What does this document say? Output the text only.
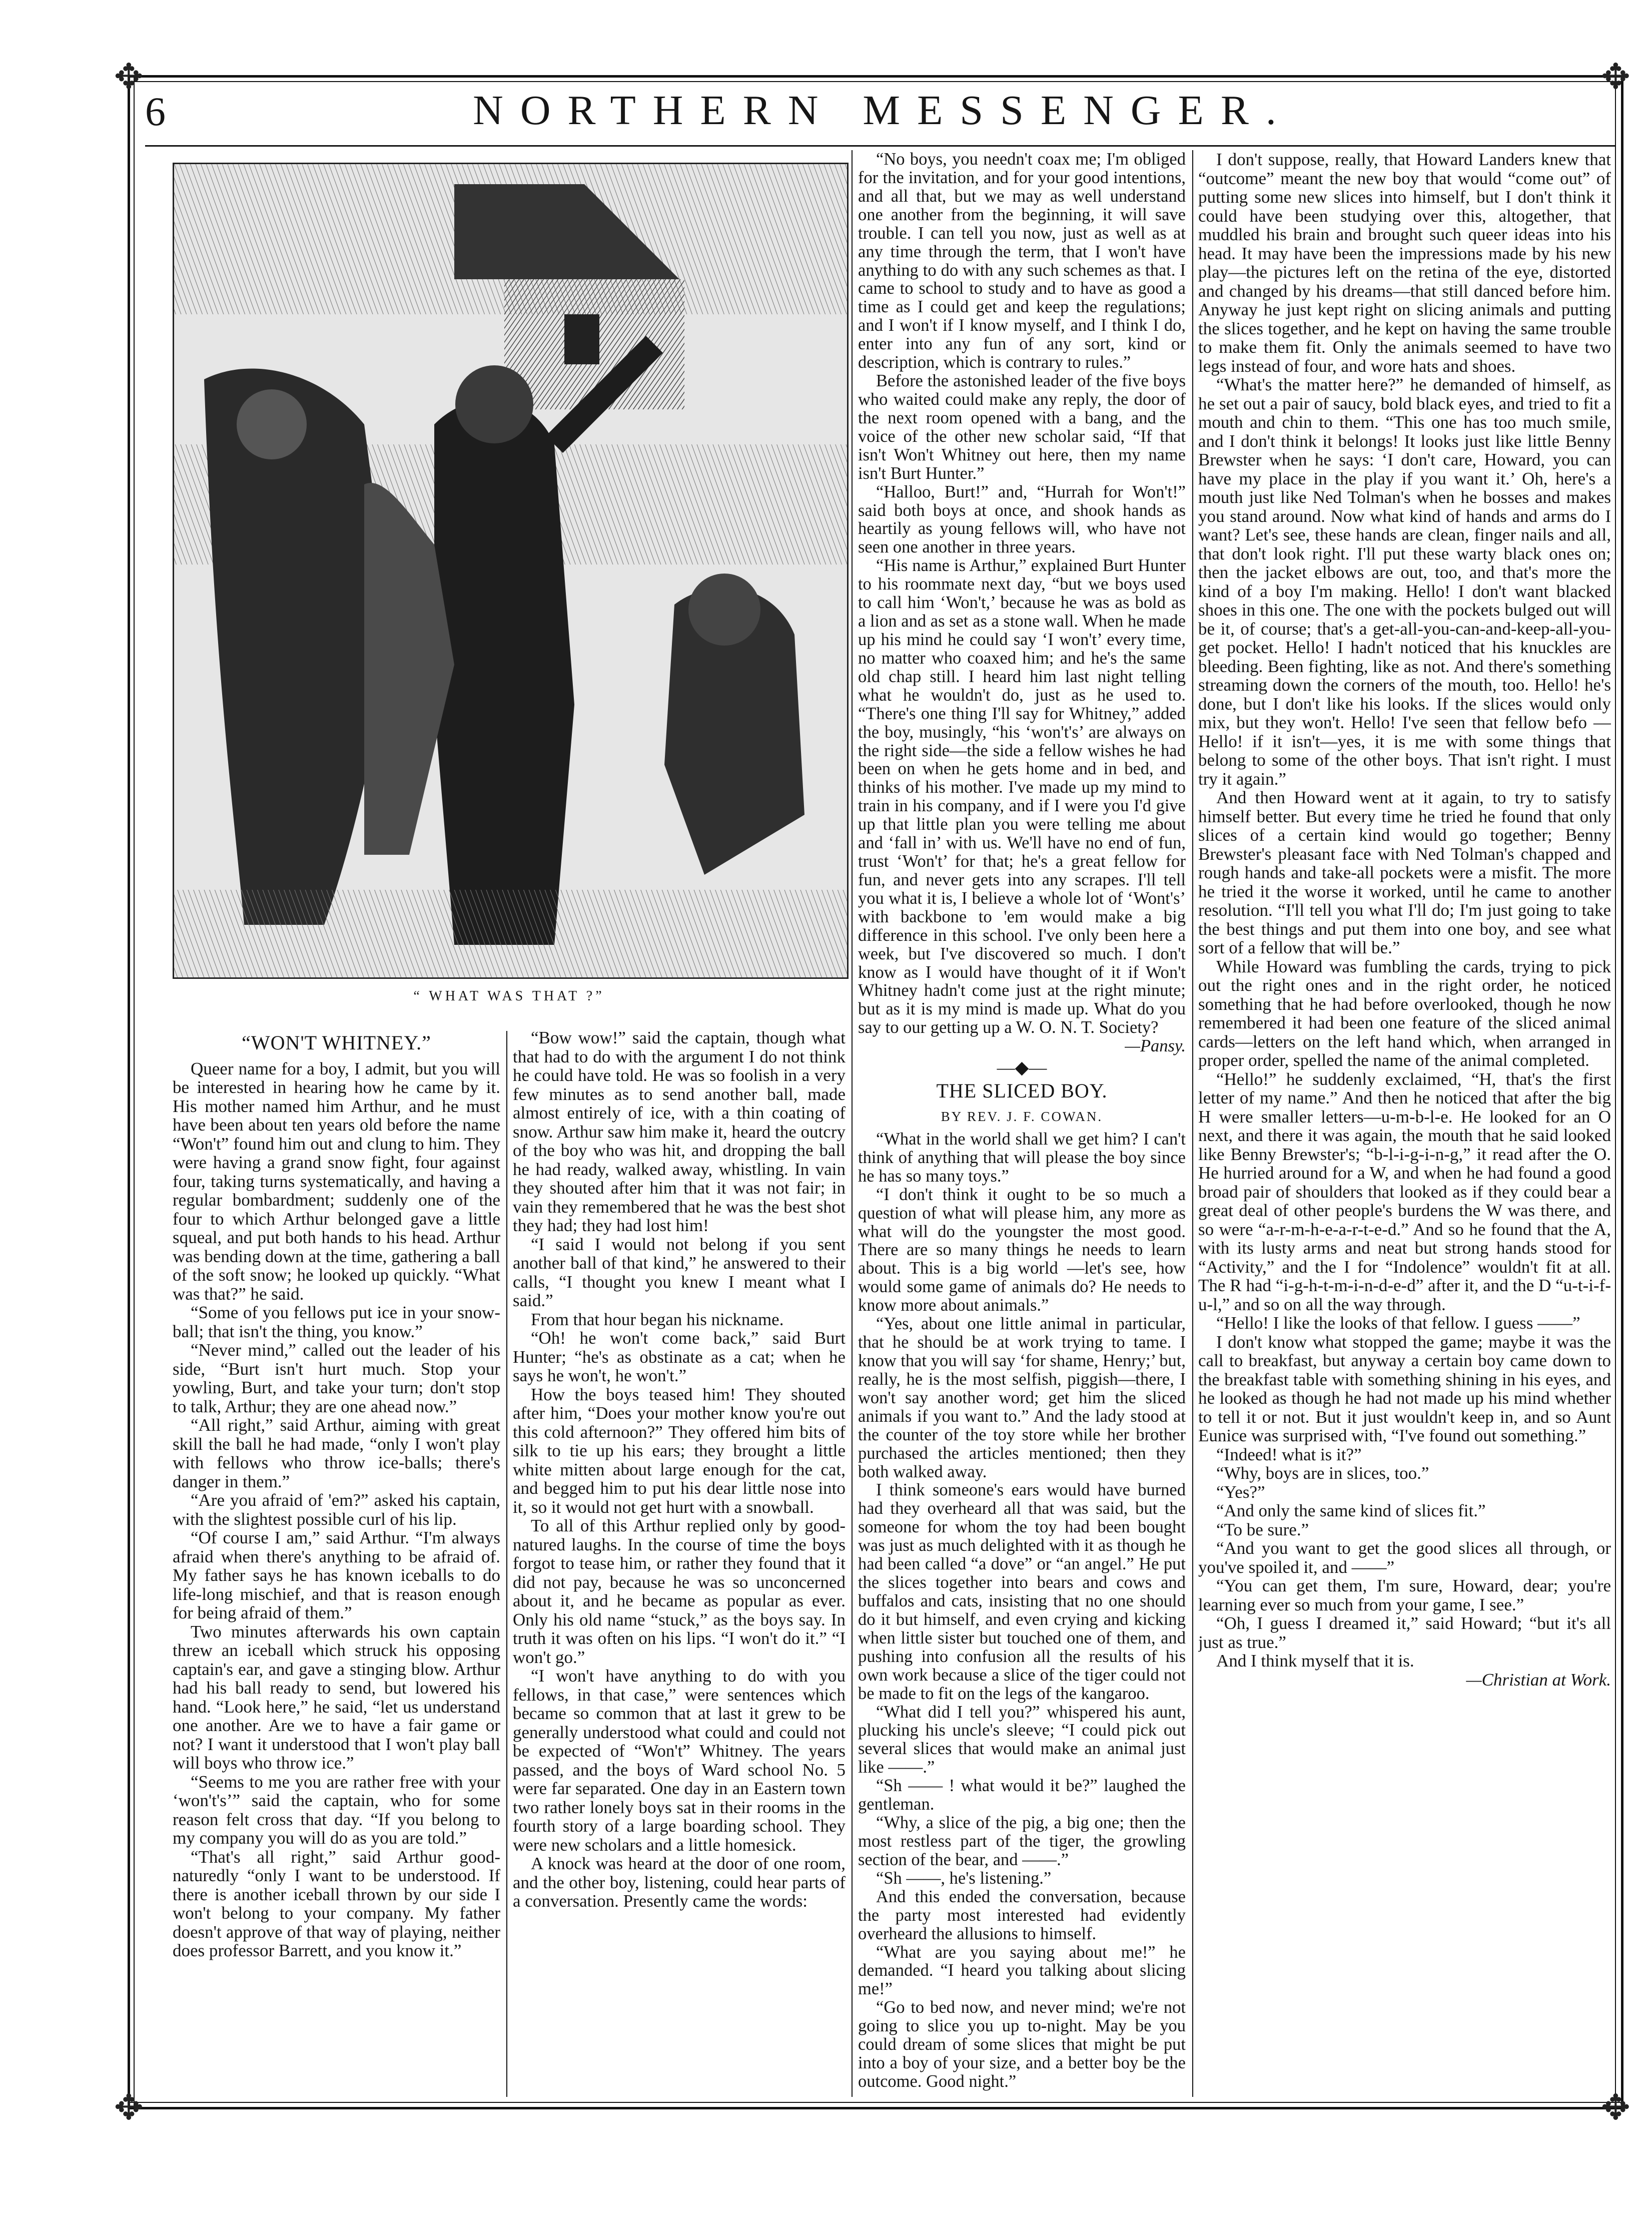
✥	✥
✥	✥
6	NORTHERN MESSENGER.
“ WHAT WAS THAT ?”

“WON'T WHITNEY.”

Queer name for a boy, I admit, but you will be interested in hearing how he came by it. His mother named him Arthur, and he must have been about ten years old before the name “Won't” found him out and clung to him. They were having a grand snow fight, four against four, taking turns systematically, and having a regular bombardment; suddenly one of the four to which Arthur belonged gave a little squeal, and put both hands to his head. Arthur was bending down at the time, gathering a ball of the soft snow; he looked up quickly. “What was that?” he said.

“Some of you fellows put ice in your snow-ball; that isn't the thing, you know.”

“Never mind,” called out the leader of his side, “Burt isn't hurt much. Stop your yowling, Burt, and take your turn; don't stop to talk, Arthur; they are one ahead now.”

“All right,” said Arthur, aiming with great skill the ball he had made, “only I won't play with fellows who throw ice-balls; there's danger in them.”

“Are you afraid of 'em?” asked his captain, with the slightest possible curl of his lip.

“Of course I am,” said Arthur. “I'm always afraid when there's anything to be afraid of. My father says he has known iceballs to do life-long mischief, and that is reason enough for being afraid of them.”

Two minutes afterwards his own captain threw an iceball which struck his opposing captain's ear, and gave a stinging blow. Arthur had his ball ready to send, but lowered his hand. “Look here,” he said, “let us understand one another. Are we to have a fair game or not? I want it understood that I won't play ball will boys who throw ice.”

“Seems to me you are rather free with your ‘won't's’” said the captain, who for some reason felt cross that day. “If you belong to my company you will do as you are told.”

“That's all right,” said Arthur good-naturedly “only I want to be understood. If there is another iceball thrown by our side I won't belong to your company. My father doesn't approve of that way of playing, neither does professor Barrett, and you know it.”

“Bow wow!” said the captain, though what that had to do with the argument I do not think he could have told. He was so foolish in a very few minutes as to send another ball, made almost entirely of ice, with a thin coating of snow. Arthur saw him make it, heard the outcry of the boy who was hit, and dropping the ball he had ready, walked away, whistling. In vain they shouted after him that it was not fair; in vain they remembered that he was the best shot they had; they had lost him!

“I said I would not belong if you sent another ball of that kind,” he answered to their calls, “I thought you knew I meant what I said.”

From that hour began his nickname.

“Oh! he won't come back,” said Burt Hunter; “he's as obstinate as a cat; when he says he won't, he won't.”

How the boys teased him! They shouted after him, “Does your mother know you're out this cold afternoon?” They offered him bits of silk to tie up his ears; they brought a little white mitten about large enough for the cat, and begged him to put his dear little nose into it, so it would not get hurt with a snowball.

To all of this Arthur replied only by good-natured laughs. In the course of time the boys forgot to tease him, or rather they found that it did not pay, because he was so unconcerned about it, and he became as popular as ever. Only his old name “stuck,” as the boys say. In truth it was often on his lips. “I won't do it.” “I won't go.”

“I won't have anything to do with you fellows, in that case,” were sentences which became so common that at last it grew to be generally understood what could and could not be expected of “Won't” Whitney. The years passed, and the boys of Ward school No. 5 were far separated. One day in an Eastern town two rather lonely boys sat in their rooms in the fourth story of a large boarding school. They were new scholars and a little homesick.

A knock was heard at the door of one room, and the other boy, listening, could hear parts of a conversation. Presently came the words:

“No boys, you needn't coax me; I'm obliged for the invitation, and for your good intentions, and all that, but we may as well understand one another from the beginning, it will save trouble. I can tell you now, just as well as at any time through the term, that I won't have anything to do with any such schemes as that. I came to school to study and to have as good a time as I could get and keep the regulations; and I won't if I know myself, and I think I do, enter into any fun of any sort, kind or description, which is contrary to rules.”

Before the astonished leader of the five boys who waited could make any reply, the door of the next room opened with a bang, and the voice of the other new scholar said, “If that isn't Won't Whitney out here, then my name isn't Burt Hunter.”

“Halloo, Burt!” and, “Hurrah for Won't!” said both boys at once, and shook hands as heartily as young fellows will, who have not seen one another in three years.

“His name is Arthur,” explained Burt Hunter to his roommate next day, “but we boys used to call him ‘Won't,’ because he was as bold as a lion and as set as a stone wall. When he made up his mind he could say ‘I won't’ every time, no matter who coaxed him; and he's the same old chap still. I heard him last night telling what he wouldn't do, just as he used to. “There's one thing I'll say for Whitney,” added the boy, musingly, “his ‘won't's’ are always on the right side—the side a fellow wishes he had been on when he gets home and in bed, and thinks of his mother. I've made up my mind to train in his company, and if I were you I'd give up that little plan you were telling me about and ‘fall in’ with us. We'll have no end of fun, trust ‘Won't’ for that; he's a great fellow for fun, and never gets into any scrapes. I'll tell you what it is, I believe a whole lot of ‘Wont's’ with backbone to 'em would make a big difference in this school. I've only been here a week, but I've discovered so much. I don't know as I would have thought of it if Won't Whitney hadn't come just at the right minute; but as it is my mind is made up. What do you say to our getting up a W. O. N. T. Society?

—Pansy.

—◆—

THE SLICED BOY.

BY REV. J. F. COWAN.

“What in the world shall we get him? I can't think of anything that will please the boy since he has so many toys.”

“I don't think it ought to be so much a question of what will please him, any more as what will do the youngster the most good. There are so many things he needs to learn about. This is a big world —let's see, how would some game of animals do? He needs to know more about animals.”

“Yes, about one little animal in particular, that he should be at work trying to tame. I know that you will say ‘for shame, Henry;’ but, really, he is the most selfish, piggish—there, I won't say another word; get him the sliced animals if you want to.” And the lady stood at the counter of the toy store while her brother purchased the articles mentioned; then they both walked away.

I think someone's ears would have burned had they overheard all that was said, but the someone for whom the toy had been bought was just as much delighted with it as though he had been called “a dove” or “an angel.” He put the slices together into bears and cows and buffalos and cats, insisting that no one should do it but himself, and even crying and kicking when little sister but touched one of them, and pushing into confusion all the results of his own work because a slice of the tiger could not be made to fit on the legs of the kangaroo.

“What did I tell you?” whispered his aunt, plucking his uncle's sleeve; “I could pick out several slices that would make an animal just like ——.”

“Sh —— ! what would it be?” laughed the gentleman.

“Why, a slice of the pig, a big one; then the most restless part of the tiger, the growling section of the bear, and ——.”

“Sh ——, he's listening.”

And this ended the conversation, because the party most interested had evidently overheard the allusions to himself.

“What are you saying about me!” he demanded. “I heard you talking about slicing me!”

“Go to bed now, and never mind; we're not going to slice you up to-night. May be you could dream of some slices that might be put into a boy of your size, and a better boy be the outcome. Good night.”

I don't suppose, really, that Howard Landers knew that “outcome” meant the new boy that would “come out” of putting some new slices into himself, but I don't think it could have been studying over this, altogether, that muddled his brain and brought such queer ideas into his head. It may have been the impressions made by his new play—the pictures left on the retina of the eye, distorted and changed by his dreams—that still danced before him. Anyway he just kept right on slicing animals and putting the slices together, and he kept on having the same trouble to make them fit. Only the animals seemed to have two legs instead of four, and wore hats and shoes.

“What's the matter here?” he demanded of himself, as he set out a pair of saucy, bold black eyes, and tried to fit a mouth and chin to them. “This one has too much smile, and I don't think it belongs! It looks just like little Benny Brewster when he says: ‘I don't care, Howard, you can have my place in the play if you want it.’ Oh, here's a mouth just like Ned Tolman's when he bosses and makes you stand around. Now what kind of hands and arms do I want? Let's see, these hands are clean, finger nails and all, that don't look right. I'll put these warty black ones on; then the jacket elbows are out, too, and that's more the kind of a boy I'm making. Hello! I don't want blacked shoes in this one. The one with the pockets bulged out will be it, of course; that's a get-all-you-can-and-keep-all-you-get pocket. Hello! I hadn't noticed that his knuckles are bleeding. Been fighting, like as not. And there's something streaming down the corners of the mouth, too. Hello! he's done, but I don't like his looks. If the slices would only mix, but they won't. Hello! I've seen that fellow befo —Hello! if it isn't—yes, it is me with some things that belong to some of the other boys. That isn't right. I must try it again.”

And then Howard went at it again, to try to satisfy himself better. But every time he tried he found that only slices of a certain kind would go together; Benny Brewster's pleasant face with Ned Tolman's chapped and rough hands and take-all pockets were a misfit. The more he tried it the worse it worked, until he came to another resolution. “I'll tell you what I'll do; I'm just going to take the best things and put them into one boy, and see what sort of a fellow that will be.”

While Howard was fumbling the cards, trying to pick out the right ones and in the right order, he noticed something that he had before overlooked, though he now remembered it had been one feature of the sliced animal cards—letters on the left hand which, when arranged in proper order, spelled the name of the animal completed.

“Hello!” he suddenly exclaimed, “H, that's the first letter of my name.” And then he noticed that after the big H were smaller letters—u-m-b-l-e. He looked for an O next, and there it was again, the mouth that he said looked like Benny Brewster's; “b-l-i-g-i-n-g,” it read after the O. He hurried around for a W, and when he had found a good broad pair of shoulders that looked as if they could bear a great deal of other people's burdens the W was there, and so were “a-r-m-h-e-a-r-t-e-d.” And so he found that the A, with its lusty arms and neat but strong hands stood for “Activity,” and the I for “Indolence” wouldn't fit at all. The R had “i-g-h-t-m-i-n-d-e-d” after it, and the D “u-t-i-f-u-l,” and so on all the way through.

“Hello! I like the looks of that fellow. I guess ——”

I don't know what stopped the game; maybe it was the call to breakfast, but anyway a certain boy came down to the breakfast table with something shining in his eyes, and he looked as though he had not made up his mind whether to tell it or not. But it just wouldn't keep in, and so Aunt Eunice was surprised with, “I've found out something.”

“Indeed! what is it?”

“Why, boys are in slices, too.”

“Yes?”

“And only the same kind of slices fit.”

“To be sure.”

“And you want to get the good slices all through, or you've spoiled it, and ——”

“You can get them, I'm sure, Howard, dear; you're learning ever so much from your game, I see.”

“Oh, I guess I dreamed it,” said Howard; “but it's all just as true.”

And I think myself that it is.

—Christian at Work.
